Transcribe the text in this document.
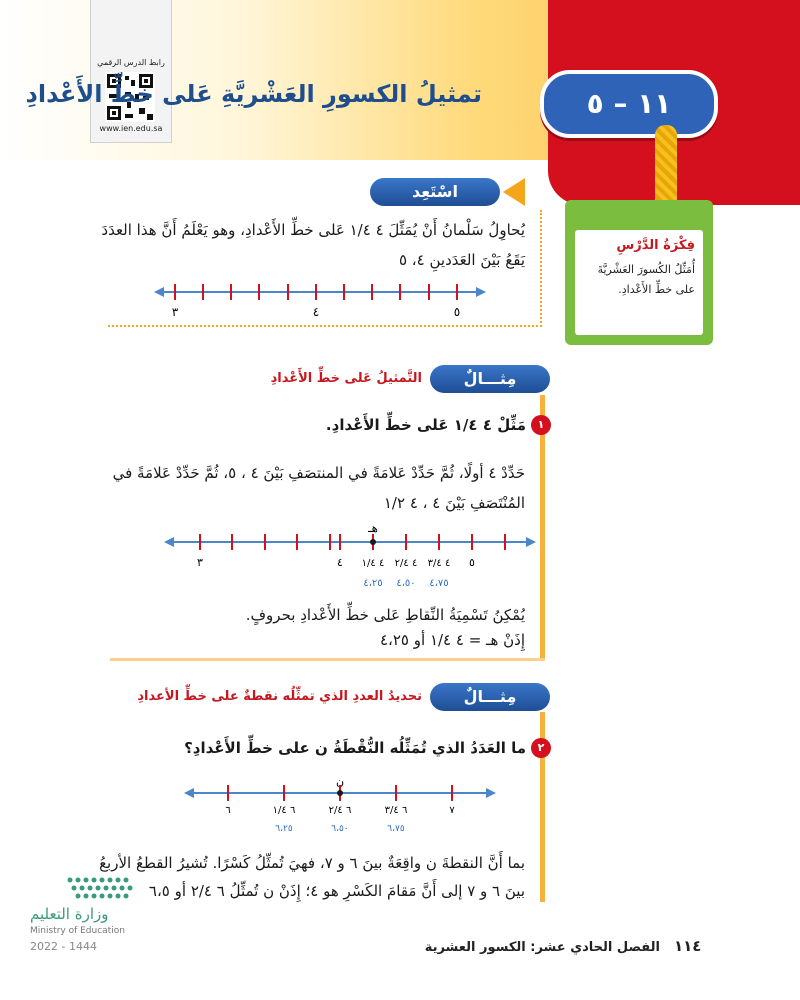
رابط الدرس الرقمي
www.ien.edu.sa
تمثيلُ الكسورِ العَشْريَّةِ عَلى خطِّ الأَعْدادِ	١١ – ٥
فِكْرَةُ الدَّرْسِ
أُمَثِّلُ الكُسورَ العَشْريَّةَ على خطِّ الأَعْدادِ.
اسْتَعِد
يُحاوِلُ سَلْمانُ أَنْ يُمَثِّلَ ٤ ١/٤ عَلى خطِّ الأَعْدادِ، وهو يَعْلَمُ أَنَّ هذا العدَدَ
يَقَعُ بَيْنَ العَدَدينِ ٤، ٥
٣	٤	٥
مِثـــالٌ
التَّمثيلُ عَلى خطِّ الأَعْدادِ
١
مَثِّلْ ٤ ١/٤ عَلى خطِّ الأَعْدادِ.
حَدِّدْ ٤ أولًا، ثُمَّ حَدِّدْ عَلامَةً في المنتصَفِ بَيْنَ ٤ ، ٥، ثُمَّ حَدِّدْ عَلامَةً في
المُنْتَصَفِ بَيْنَ ٤ ، ٤ ١/٢
هـ
٣	٤ ٤ ١/٤ ٤ ٢/٤ ٤ ٣/٤ ٥
٤،٢٥ ٤،٥٠ ٤،٧٥
يُمْكِنُ تَسْمِيَةُ النِّقاطِ عَلى خطِّ الأَعْدادِ بحروفٍ.
إِذَنْ هـ = ٤ ١/٤ أو ٤،٢٥
مِثـــالٌ
تحديدُ العددِ الذي تمثِّلُه نقطةٌ على خطِّ الأعدادِ
٢
ما العَدَدُ الذي تُمَثِّلُه النُّقْطَةُ ن على خطِّ الأَعْدادِ؟
ن
٦	٦ ١/٤	٦ ٢/٤	٦ ٣/٤	٧
٦،٢٥	٦،٥٠	٦،٧٥
بما أَنَّ النقطةَ ن واقِعَةٌ بينَ ٦ و ٧، فهيَ تُمثِّلُ كَسْرًا. تُشيرُ القطعُ الأربعُ
بينَ ٦ و ٧ إلى أَنَّ مَقامَ الكَسْرِ هو ٤؛ إِذَنْ ن تُمثِّلُ ٦ ٢/٤ أو ٦،٥
وزارة التعليم
Ministry of Education
2022 - 1444	الفصل الحادي عشر: الكسور العشرية ١١٤
